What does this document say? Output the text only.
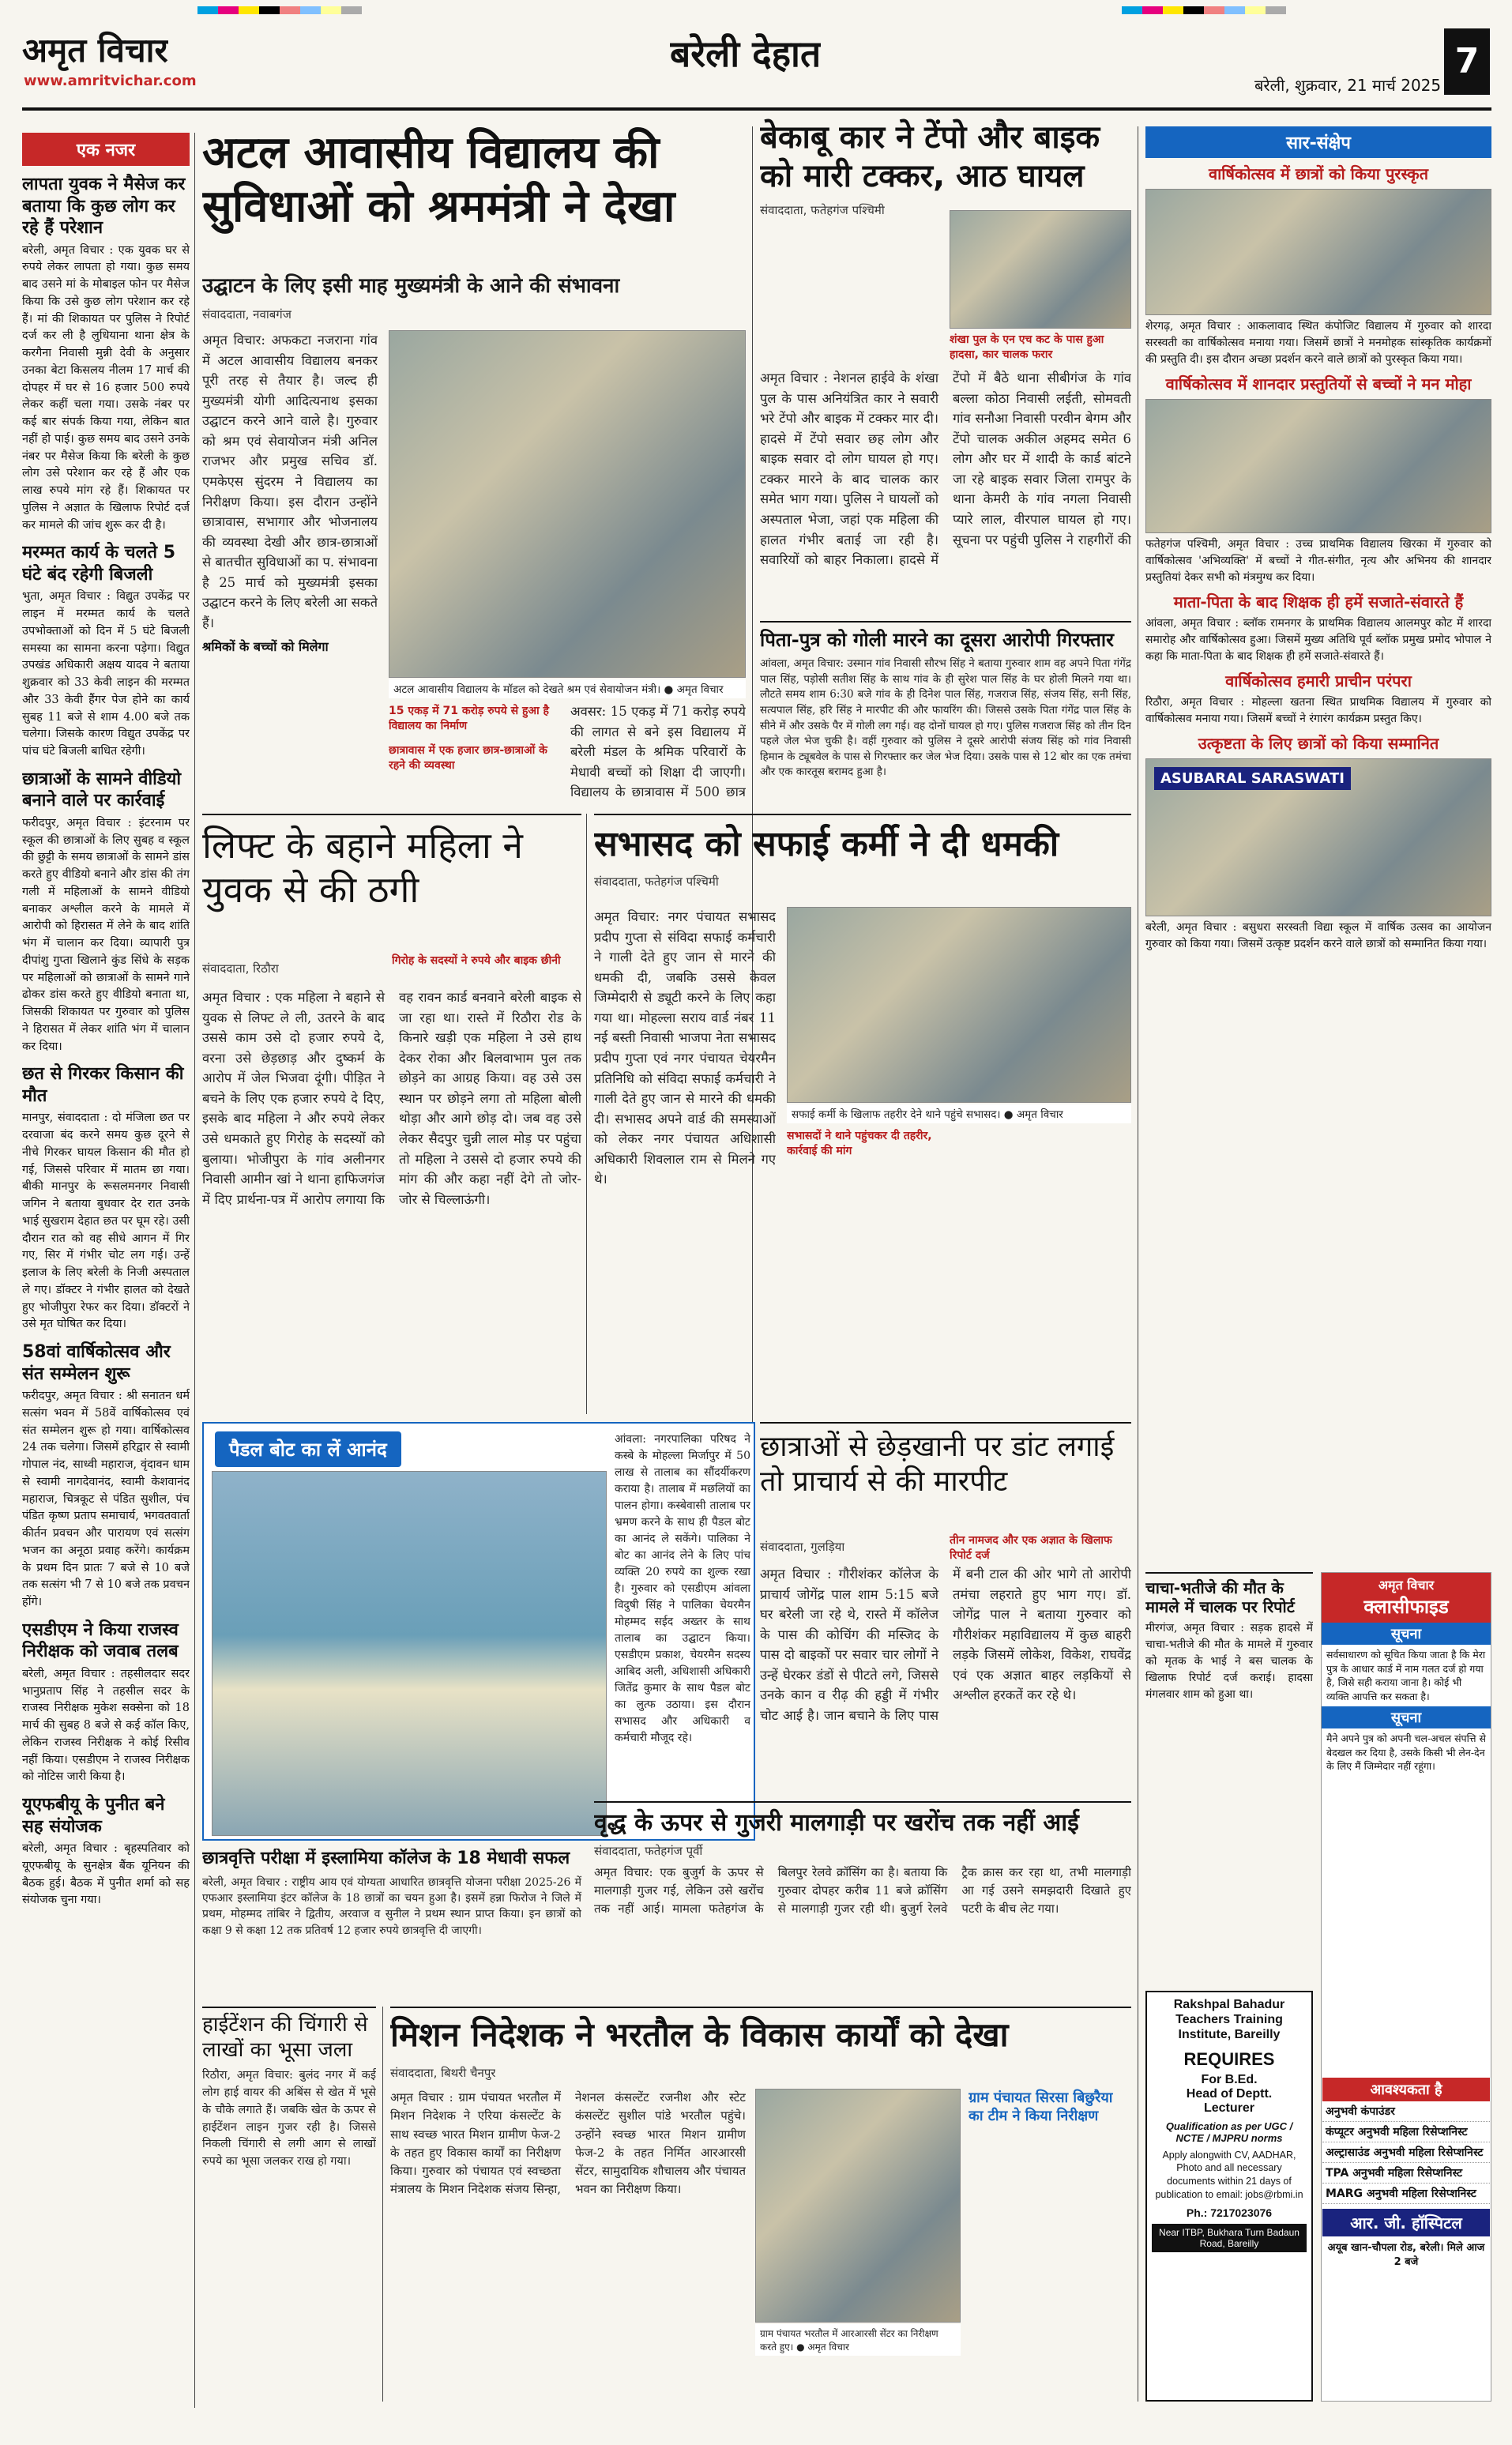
अमृत विचार
www.amritvichar.com
बरेली देहात
बरेली, शुक्रवार, 21 मार्च 2025
7
एक नजर
लापता युवक ने मैसेज कर बताया कि कुछ लोग कर रहे हैं परेशान

बरेली, अमृत विचार : एक युवक घर से रुपये लेकर लापता हो गया। कुछ समय बाद उसने मां के मोबाइल फोन पर मैसेज किया कि उसे कुछ लोग परेशान कर रहे हैं। मां की शिकायत पर पुलिस ने रिपोर्ट दर्ज कर ली है लुधियाना थाना क्षेत्र के करगैना निवासी मुन्नी देवी के अनुसार उनका बेटा किसलय नीलम 17 मार्च की दोपहर में घर से 16 हजार 500 रुपये लेकर कहीं चला गया। उसके नंबर पर कई बार संपर्क किया गया, लेकिन बात नहीं हो पाई। कुछ समय बाद उसने उनके नंबर पर मैसेज किया कि बरेली के कुछ लोग उसे परेशान कर रहे हैं और एक लाख रुपये मांग रहे हैं। शिकायत पर पुलिस ने अज्ञात के खिलाफ रिपोर्ट दर्ज कर मामले की जांच शुरू कर दी है।

मरम्मत कार्य के चलते 5 घंटे बंद रहेगी बिजली

भुता, अमृत विचार : विद्युत उपकेंद्र पर लाइन में मरम्मत कार्य के चलते उपभोक्ताओं को दिन में 5 घंटे बिजली समस्या का सामना करना पड़ेगा। विद्युत उपखंड अधिकारी अक्षय यादव ने बताया शुक्रवार को 33 केवी लाइन की मरम्मत और 33 केवी हैंगर पेज होने का कार्य सुबह 11 बजे से शाम 4.00 बजे तक चलेगा। जिसके कारण विद्युत उपकेंद्र पर पांच घंटे बिजली बाधित रहेगी।

छात्राओं के सामने वीडियो बनाने वाले पर कार्रवाई

फरीदपुर, अमृत विचार : इंटरनाम पर स्कूल की छात्राओं के लिए सुबह व स्कूल की छुट्टी के समय छात्राओं के सामने डांस करते हुए वीडियो बनाने और डांस की तंग गली में महिलाओं के सामने वीडियो बनाकर अश्लील करने के मामले में आरोपी को हिरासत में लेने के बाद शांति भंग में चालान कर दिया। व्यापारी पुत्र दीपांशु गुप्ता खिलाने कुंड सिंधे के सड़क पर महिलाओं को छात्राओं के सामने गाने ढोकर डांस करते हुए वीडियो बनाता था, जिसकी शिकायत पर गुरुवार को पुलिस ने हिरासत में लेकर शांति भंग में चालान कर दिया।

छत से गिरकर किसान की मौत

मानपुर, संवाददाता : दो मंजिला छत पर दरवाजा बंद करने समय कुछ दूरने से नीचे गिरकर घायल किसान की मौत हो गई, जिससे परिवार में मातम छा गया। बीकी मानपुर के रूसलमनगर निवासी जगिन ने बताया बुधवार देर रात उनके भाई सुखराम देहात छत पर घूम रहे। उसी दौरान रात को वह सीधे आगन में गिर गए, सिर में गंभीर चोट लग गई। उन्हें इलाज के लिए बरेली के निजी अस्पताल ले गए। डॉक्टर ने गंभीर हालत को देखते हुए भोजीपुरा रेफर कर दिया। डॉक्टरों ने उसे मृत घोषित कर दिया।

58वां वार्षिकोत्सव और संत सम्मेलन शुरू

फरीदपुर, अमृत विचार : श्री सनातन धर्म सत्संग भवन में 58वें वार्षिकोत्सव एवं संत सम्मेलन शुरू हो गया। वार्षिकोत्सव 24 तक चलेगा। जिसमें हरिद्वार से स्वामी गोपाल नंद, साध्वी महाराज, वृंदावन धाम से स्वामी नागदेवानंद, स्वामी केशवानंद महाराज, चित्रकूट से पंडित सुशील, पंच पंडित कृष्ण प्रताप समाचार्य, भगवतवार्ता कीर्तन प्रवचन और पारायण एवं सत्संग भजन का अनूठा प्रवाह करेंगे। कार्यक्रम के प्रथम दिन प्रातः 7 बजे से 10 बजे तक सत्संग भी 7 से 10 बजे तक प्रवचन होंगे।

एसडीएम ने किया राजस्व निरीक्षक को जवाब तलब

बरेली, अमृत विचार : तहसीलदार सदर भानुप्रताप सिंह ने तहसील सदर के राजस्व निरीक्षक मुकेश सक्सेना को 18 मार्च की सुबह 8 बजे से कई कॉल किए, लेकिन राजस्व निरीक्षक ने कोई रिसीव नहीं किया। एसडीएम ने राजस्व निरीक्षक को नोटिस जारी किया है।

यूएफबीयू के पुनीत बने सह संयोजक

बरेली, अमृत विचार : बृहस्पतिवार को यूएफबीयू के सुनक्षेत्र बैंक यूनियन की बैठक हुई। बैठक में पुनीत शर्मा को सह संयोजक चुना गया।

अटल आवासीय विद्यालय की सुविधाओं को श्रममंत्री ने देखा
उद्घाटन के लिए इसी माह मुख्यमंत्री के आने की संभावना
संवाददाता, नवाबगंज
अमृत विचार: अफकटा नजराना गांव में अटल आवासीय विद्यालय बनकर पूरी तरह से तैयार है। जल्द ही मुख्यमंत्री योगी आदित्यनाथ इसका उद्घाटन करने आने वाले है। गुरुवार को श्रम एवं सेवायोजन मंत्री अनिल राजभर और प्रमुख सचिव डॉ. एमकेएस सुंदरम ने विद्यालय का निरीक्षण किया। इस दौरान उन्होंने छात्रावास, सभागार और भोजनालय की व्यवस्था देखी और छात्र-छात्राओं से बातचीत सुविधाओं का प. संभावना है 25 मार्च को मुख्यमंत्री इसका उद्घाटन करने के लिए बरेली आ सकते हैं।
श्रमिकों के बच्चों को मिलेगा
अटल आवासीय विद्यालय के मॉडल को देखते श्रम एवं सेवायोजन मंत्री। ● अमृत विचार
15 एकड़ में 71 करोड़ रुपये से हुआ है विद्यालय का निर्माण
छात्रावास में एक हजार छात्र-छात्राओं के रहने की व्यवस्था
अवसर: 15 एकड़ में 71 करोड़ रुपये की लागत से बने इस विद्यालय में बरेली मंडल के श्रमिक परिवारों के मेधावी बच्चों को शिक्षा दी जाएगी। विद्यालय के छात्रावास में 500 छात्र
बेकाबू कार ने टेंपो और बाइक को मारी टक्कर, आठ घायल
संवाददाता, फतेहगंज पश्चिमी
शंखा पुल के एन एच कट के पास हुआ हादसा, कार चालक फरार
अमृत विचार : नेशनल हाईवे के शंखा पुल के पास अनियंत्रित कार ने सवारी भरे टेंपो और बाइक में टक्कर मार दी। हादसे में टेंपो सवार छह लोग और बाइक सवार दो लोग घायल हो गए। टक्कर मारने के बाद चालक कार समेत भाग गया। पुलिस ने घायलों को अस्पताल भेजा, जहां एक महिला की हालत गंभीर बताई जा रही है। सवारियों को बाहर निकाला। हादसे में टेंपो में बैठे थाना सीबीगंज के गांव बल्ला कोठा निवासी लईती, सोमवती गांव सनौआ निवासी परवीन बेगम और टेंपो चालक अकील अहमद समेत 6 लोग और घर में शादी के कार्ड बांटने जा रहे बाइक सवार जिला रामपुर के थाना केमरी के गांव नगला निवासी प्यारे लाल, वीरपाल घायल हो गए। सूचना पर पहुंची पुलिस ने राहगीरों की
पिता-पुत्र को गोली मारने का दूसरा आरोपी गिरफ्तार
आंवला, अमृत विचार: उस्मान गांव निवासी सौरभ सिंह ने बताया गुरुवार शाम वह अपने पिता गंगेंद्र पाल सिंह, पड़ोसी सतीश सिंह के साथ गांव के ही सुरेश पाल सिंह के घर होली मिलने गया था। लौटते समय शाम 6:30 बजे गांव के ही दिनेश पाल सिंह, गजराज सिंह, संजय सिंह, सनी सिंह, सत्यपाल सिंह, हरि सिंह ने मारपीट की और फायरिंग की। जिससे उसके पिता गंगेंद्र पाल सिंह के सीने में और उसके पैर में गोली लग गई। वह दोनों घायल हो गए। पुलिस गजराज सिंह को तीन दिन पहले जेल भेज चुकी है। वहीं गुरुवार को पुलिस ने दूसरे आरोपी संजय सिंह को गांव निवासी हिमान के ट्यूबवेल के पास से गिरफ्तार कर जेल भेज दिया। उसके पास से 12 बोर का एक तमंचा और एक कारतूस बरामद हुआ है।
लिफ्ट के बहाने महिला ने युवक से की ठगी
संवाददाता, रिठौरा
गिरोह के सदस्यों ने रुपये और बाइक छीनी
अमृत विचार : एक महिला ने बहाने से युवक से लिफ्ट ले ली, उतरने के बाद उससे काम उसे दो हजार रुपये दे, वरना उसे छेड़छाड़ और दुष्कर्म के आरोप में जेल भिजवा दूंगी। पीड़ित ने बचने के लिए एक हजार रुपये दे दिए, इसके बाद महिला ने और रुपये लेकर उसे धमकाते हुए गिरोह के सदस्यों को बुलाया। भोजीपुरा के गांव अलीनगर निवासी आमीन खां ने थाना हाफिजगंज में दिए प्रार्थना-पत्र में आरोप लगाया कि वह रावन कार्ड बनवाने बरेली बाइक से जा रहा था। रास्ते में रिठौरा रोड के किनारे खड़ी एक महिला ने उसे हाथ देकर रोका और बिलवाभाम पुल तक छोड़ने का आग्रह किया। वह उसे उस स्थान पर छोड़ने लगा तो महिला बोली थोड़ा और आगे छोड़ दो। जब वह उसे लेकर सैदपुर चुन्नी लाल मोड़ पर पहुंचा तो महिला ने उससे दो हजार रुपये की मांग की और कहा नहीं देगे तो जोर-जोर से चिल्लाऊंगी।
सभासद को सफाई कर्मी ने दी धमकी
संवाददाता, फतेहगंज पश्चिमी
अमृत विचार: नगर पंचायत सभासद प्रदीप गुप्ता से संविदा सफाई कर्मचारी ने गाली देते हुए जान से मारने की धमकी दी, जबकि उससे केवल जिम्मेदारी से ड्यूटी करने के लिए कहा गया था। मोहल्ला सराय वार्ड नंबर 11 नई बस्ती निवासी भाजपा नेता सभासद प्रदीप गुप्ता एवं नगर पंचायत चेयरमैन प्रतिनिधि को संविदा सफाई कर्मचारी ने गाली देते हुए जान से मारने की धमकी दी। सभासद अपने वार्ड की समस्याओं को लेकर नगर पंचायत अधिशासी अधिकारी शिवलाल राम से मिलने गए थे।
सफाई कर्मी के खिलाफ तहरीर देने थाने पहुंचे सभासद। ● अमृत विचार
सभासदों ने थाने पहुंचकर दी तहरीर, कार्रवाई की मांग
पैडल बोट का लें आनंद	आंवला: नगरपालिका परिषद ने कस्बे के मोहल्ला मिर्जापुर में 50 लाख से तालाब का सौंदर्यीकरण कराया है। तालाब में मछलियों का पालन होगा। कस्बेवासी तालाब पर भ्रमण करने के साथ ही पैडल बोट का आनंद ले सकेंगे। पालिका ने बोट का आनंद लेने के लिए पांच व्यक्ति 20 रुपये का शुल्क रखा है। गुरुवार को एसडीएम आंवला विदुषी सिंह ने पालिका चेयरमैन मोहम्मद सईद अख्तर के साथ तालाब का उद्घाटन किया। एसडीएम प्रकाश, चेयरमैन सदस्य आबिद अली, अधिशासी अधिकारी जितेंद्र कुमार के साथ पैडल बोट का लुत्फ उठाया। इस दौरान सभासद और अधिकारी व कर्मचारी मौजूद रहे।
छात्राओं से छेड़खानी पर डांट लगाई तो प्राचार्य से की मारपीट
संवाददाता, गुलड़िया	तीन नामजद और एक अज्ञात के खिलाफ रिपोर्ट दर्ज
अमृत विचार : गौरीशंकर कॉलेज के प्राचार्य जोगेंद्र पाल शाम 5:15 बजे घर बरेली जा रहे थे, रास्ते में कॉलेज के पास की कोचिंग की मस्जिद के पास दो बाइकों पर सवार चार लोगों ने उन्हें घेरकर डंडों से पीटते लगे, जिससे उनके कान व रीढ़ की हड्डी में गंभीर चोट आई है। जान बचाने के लिए पास में बनी टाल की ओर भागे तो आरोपी तमंचा लहराते हुए भाग गए। डॉ. जोगेंद्र पाल ने बताया गुरुवार को गौरीशंकर महाविद्यालय में कुछ बाहरी लड़के जिसमें लोकेश, विकेश, राघवेंद्र एवं एक अज्ञात बाहर लड़कियों से अश्लील हरकतें कर रहे थे।
छात्रवृत्ति परीक्षा में इस्लामिया कॉलेज के 18 मेधावी सफल
बरेली, अमृत विचार : राष्ट्रीय आय एवं योग्यता आधारित छात्रवृत्ति योजना परीक्षा 2025-26 में एफआर इस्लामिया इंटर कॉलेज के 18 छात्रों का चयन हुआ है। इसमें हन्ना फिरोज ने जिले में प्रथम, मोहम्मद तांबिर ने द्वितीय, अरवाज व सुनील ने प्रथम स्थान प्राप्त किया। इन छात्रों को कक्षा 9 से कक्षा 12 तक प्रतिवर्ष 12 हजार रुपये छात्रवृत्ति दी जाएगी।
वृद्ध के ऊपर से गुजरी मालगाड़ी पर खरोंच तक नहीं आई
संवाददाता, फतेहगंज पूर्वी
अमृत विचार: एक बुजुर्ग के ऊपर से मालगाड़ी गुजर गई, लेकिन उसे खरोंच तक नहीं आई। मामला फतेहगंज के बिलपुर रेलवे क्रॉसिंग का है। बताया कि गुरुवार दोपहर करीब 11 बजे क्रॉसिंग से मालगाड़ी गुजर रही थी। बुजुर्ग रेलवे ट्रैक क्रास कर रहा था, तभी मालगाड़ी आ गई उसने समझदारी दिखाते हुए पटरी के बीच लेट गया।
हाईटेंशन की चिंगारी से लाखों का भूसा जला
रिठौरा, अमृत विचार: बुलंद नगर में कई लोग हाई वायर की अबिंस से खेत में भूसे के चौके लगाते हैं। जबकि खेत के ऊपर से हाईटेंशन लाइन गुजर रही है। जिससे निकली चिंगारी से लगी आग से लाखों रुपये का भूसा जलकर राख हो गया।
मिशन निदेशक ने भरतौल के विकास कार्यों को देखा
संवाददाता, बिथरी चैनपुर
अमृत विचार : ग्राम पंचायत भरतौल में मिशन निदेशक ने एरिया कंसल्टेंट के साथ स्वच्छ भारत मिशन ग्रामीण फेज-2 के तहत हुए विकास कार्यों का निरीक्षण किया। गुरुवार को पंचायत एवं स्वच्छता मंत्रालय के मिशन निदेशक संजय सिन्हा, नेशनल कंसल्टेंट रजनीश और स्टेट कंसल्टेंट सुशील पांडे भरतौल पहुंचे। उन्होंने स्वच्छ भारत मिशन ग्रामीण फेज-2 के तहत निर्मित आरआरसी सेंटर, सामुदायिक शौचालय और पंचायत भवन का निरीक्षण किया।
ग्राम पंचायत भरतौल में आरआरसी सेंटर का निरीक्षण करते हुए। ● अमृत विचार
ग्राम पंचायत सिरसा बिछुरैया का टीम ने किया निरीक्षण
सार-संक्षेप
वार्षिकोत्सव में छात्रों को किया पुरस्कृत

शेरगढ़, अमृत विचार : आकलावाद स्थित कंपोजिट विद्यालय में गुरुवार को शारदा सरस्वती का वार्षिकोत्सव मनाया गया। जिसमें छात्रों ने मनमोहक सांस्कृतिक कार्यक्रमों की प्रस्तुति दी। इस दौरान अच्छा प्रदर्शन करने वाले छात्रों को पुरस्कृत किया गया।

वार्षिकोत्सव में शानदार प्रस्तुतियों से बच्चों ने मन मोहा

फतेहगंज पश्चिमी, अमृत विचार : उच्च प्राथमिक विद्यालय खिरका में गुरुवार को वार्षिकोत्सव 'अभिव्यक्ति' में बच्चों ने गीत-संगीत, नृत्य और अभिनय की शानदार प्रस्तुतियां देकर सभी को मंत्रमुग्ध कर दिया।

माता-पिता के बाद शिक्षक ही हमें सजाते-संवारते हैं

आंवला, अमृत विचार : ब्लॉक रामनगर के प्राथमिक विद्यालय आलमपुर कोट में शारदा समारोह और वार्षिकोत्सव हुआ। जिसमें मुख्य अतिथि पूर्व ब्लॉक प्रमुख प्रमोद भोपाल ने कहा कि माता-पिता के बाद शिक्षक ही हमें सजाते-संवारते हैं।

वार्षिकोत्सव हमारी प्राचीन परंपरा

रिठौरा, अमृत विचार : मोहल्ला खतना स्थित प्राथमिक विद्यालय में गुरुवार को वार्षिकोत्सव मनाया गया। जिसमें बच्चों ने रंगारंग कार्यक्रम प्रस्तुत किए।

उत्कृष्टता के लिए छात्रों को किया सम्मानित
ASUBARAL SARASWATI

बरेली, अमृत विचार : बसुधरा सरस्वती विद्या स्कूल में वार्षिक उत्सव का आयोजन गुरुवार को किया गया। जिसमें उत्कृष्ट प्रदर्शन करने वाले छात्रों को सम्मानित किया गया।

चाचा-भतीजे की मौत के मामले में चालक पर रिपोर्ट

मीरगंज, अमृत विचार : सड़क हादसे में चाचा-भतीजे की मौत के मामले में गुरुवार को मृतक के भाई ने बस चालक के खिलाफ रिपोर्ट दर्ज कराई। हादसा मंगलवार शाम को हुआ था।

अमृत विचार
क्लासीफाइड
सूचना
सर्वसाधारण को सूचित किया जाता है कि मेरा पुत्र के आधार कार्ड में नाम गलत दर्ज हो गया है, जिसे सही कराया जाना है। कोई भी व्यक्ति आपत्ति कर सकता है।
सूचना
मैने अपने पुत्र को अपनी चल-अचल संपत्ति से बेदखल कर दिया है, उसके किसी भी लेन-देन के लिए मैं जिम्मेदार नहीं रहूंगा।
Rakshpal Bahadur Teachers Training Institute, Bareilly
REQUIRES
For B.Ed.
Head of Deptt.
Lecturer
Qualification as per UGC / NCTE / MJPRU norms
Apply alongwith CV, AADHAR, Photo and all necessary documents within 21 days of publication to email: jobs@rbmi.in
Ph.: 7217023076
Near ITBP, Bukhara Turn Badaun Road, Bareilly
आवश्यकता है
अनुभवी कंपाउंडर
कंप्यूटर अनुभवी महिला रिसेप्शनिस्ट
अल्ट्रासाउंड अनुभवी महिला रिसेप्शनिस्ट
TPA अनुभवी महिला रिसेप्शनिस्ट
MARG अनुभवी महिला रिसेप्शनिस्ट
आर. जी. हॉस्पिटल
अयूब खान-चौपला रोड, बरेली। मिले आज 2 बजे
